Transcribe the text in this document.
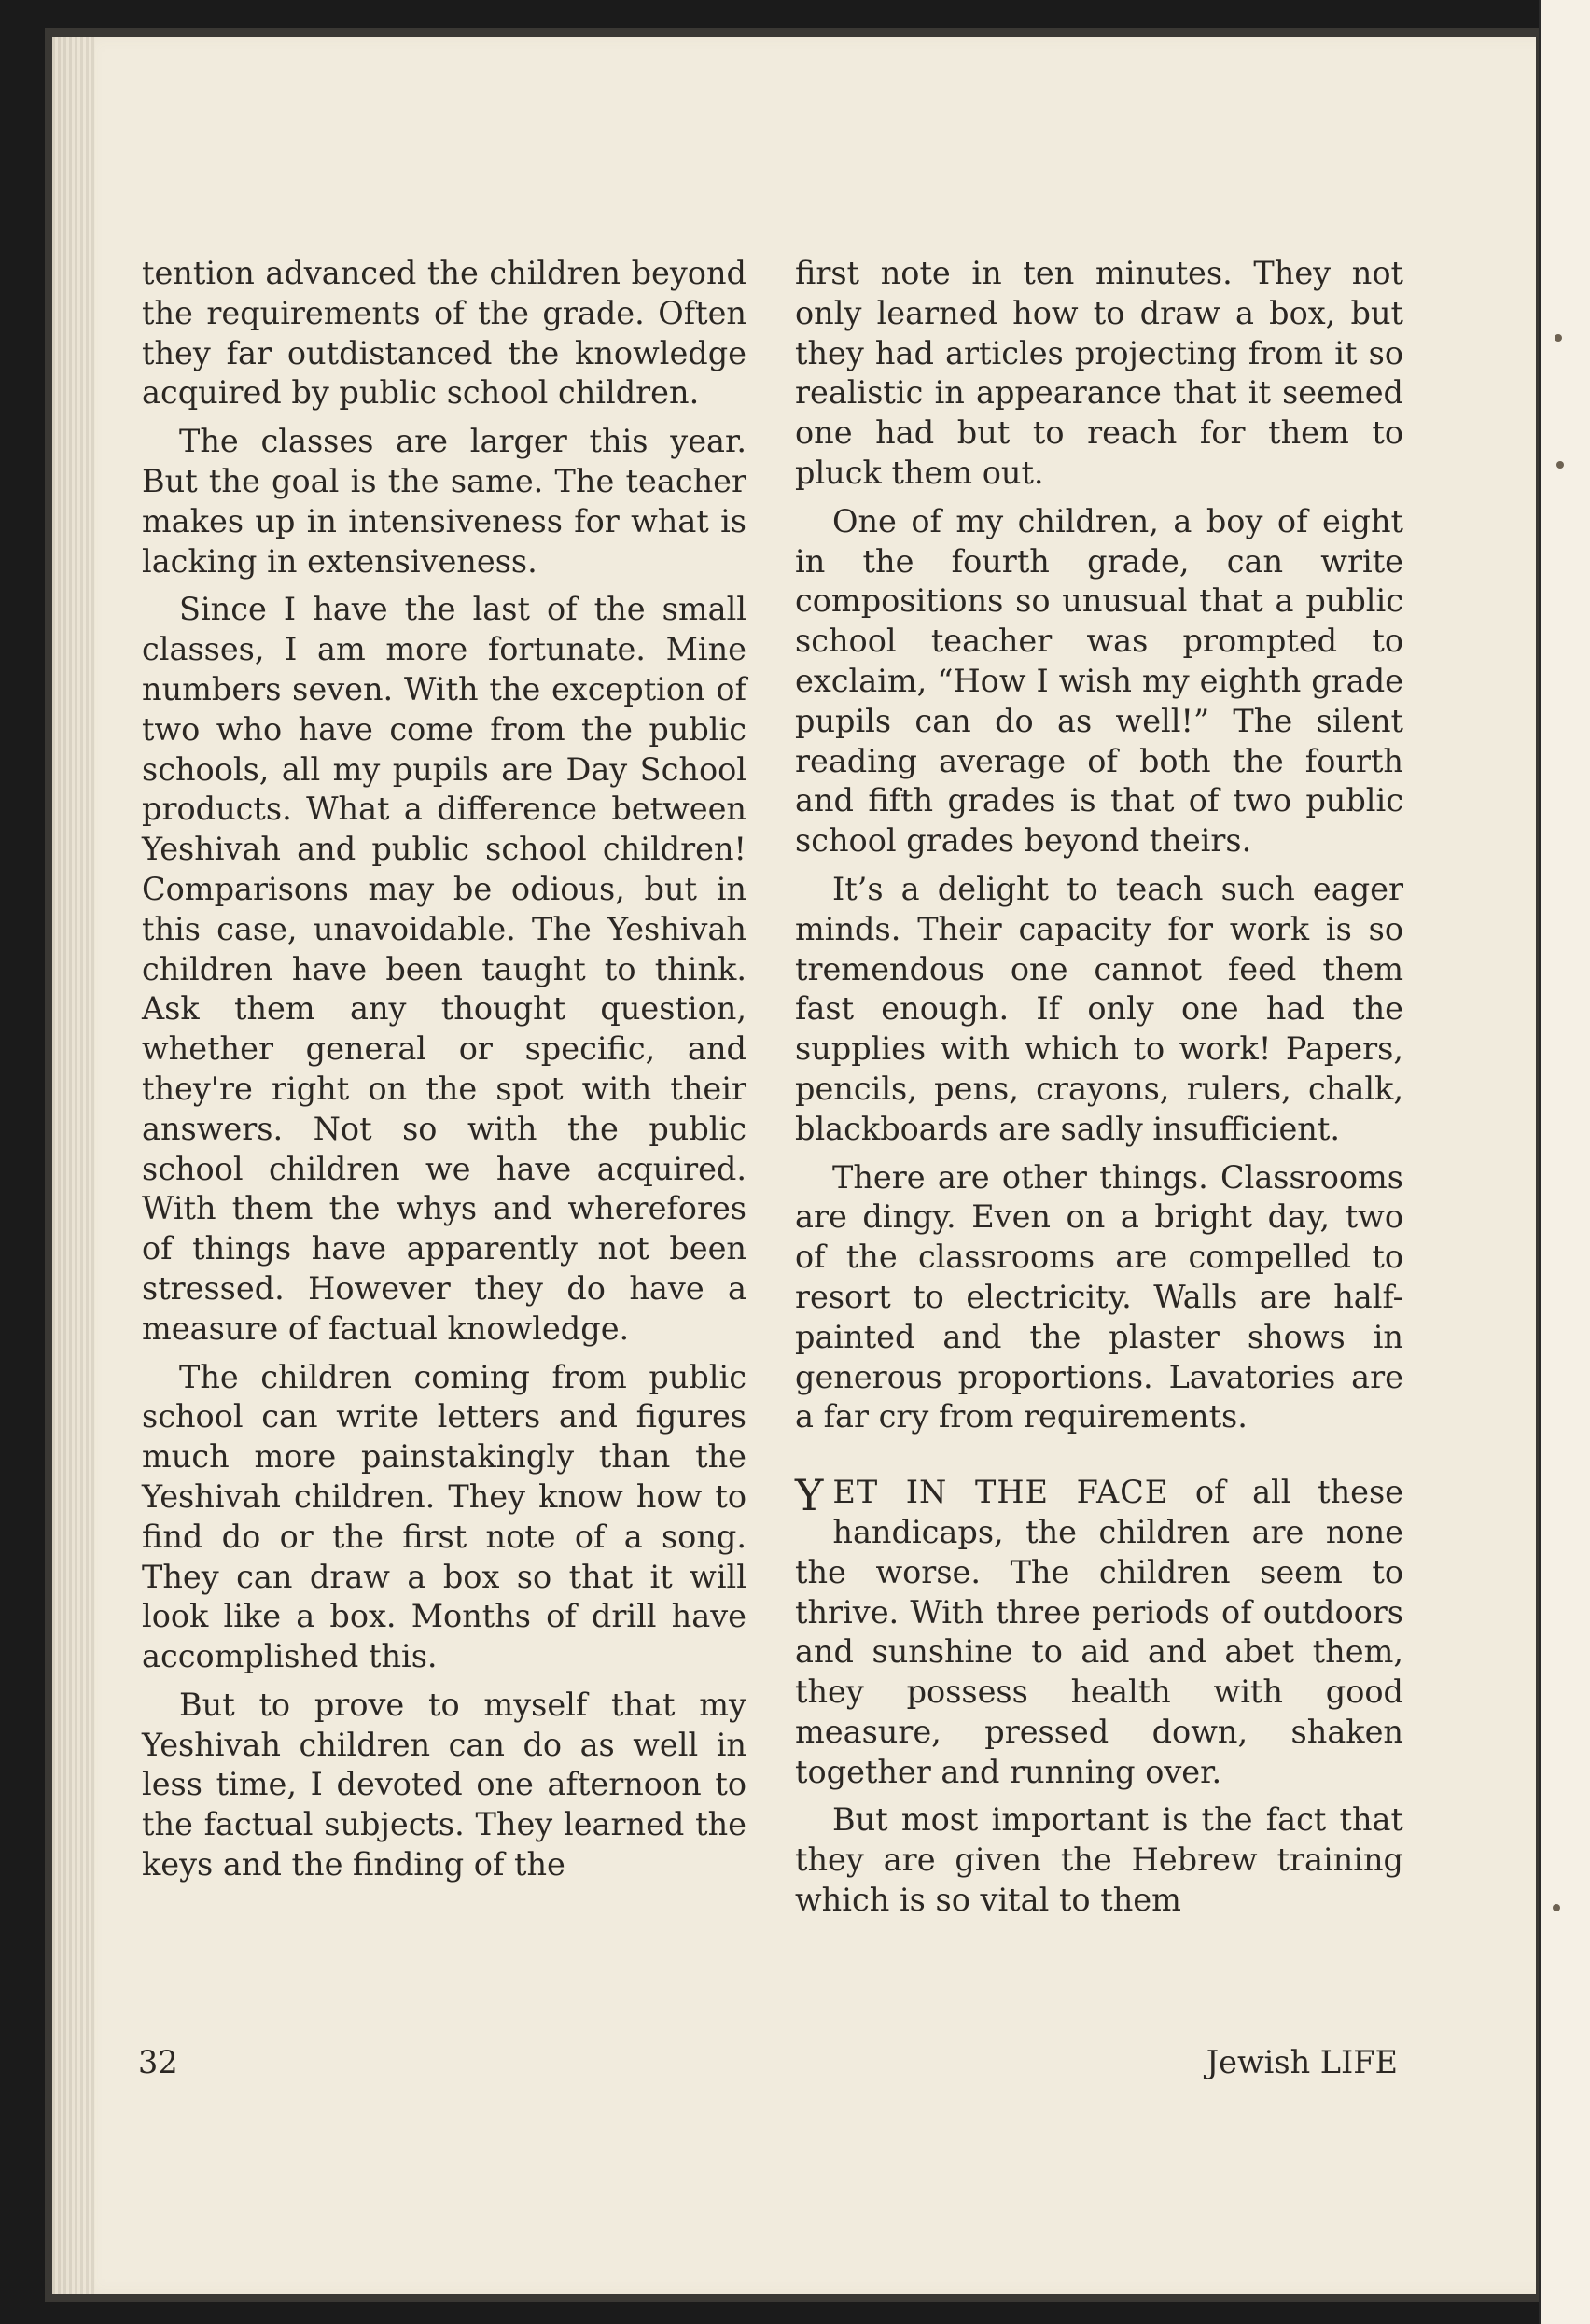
tention advanced the children beyond the requirements of the grade. Often they far outdistanced the knowledge acquired by public school children.

The classes are larger this year. But the goal is the same. The teacher makes up in intensiveness for what is lacking in extensiveness.

Since I have the last of the small classes, I am more fortunate. Mine numbers seven. With the exception of two who have come from the public schools, all my pupils are Day School products. What a difference between Yeshivah and public school children! Comparisons may be odious, but in this case, unavoidable. The Yeshivah children have been taught to think. Ask them any thought question, whether general or specific, and they're right on the spot with their answers. Not so with the public school children we have acquired. With them the whys and wherefores of things have apparently not been stressed. However they do have a measure of factual knowledge.

The children coming from public school can write letters and figures much more painstakingly than the Yeshivah children. They know how to find do or the first note of a song. They can draw a box so that it will look like a box. Months of drill have accomplished this.

But to prove to myself that my Yeshivah children can do as well in less time, I devoted one afternoon to the factual subjects. They learned the keys and the finding of the

first note in ten minutes. They not only learned how to draw a box, but they had articles projecting from it so realistic in appearance that it seemed one had but to reach for them to pluck them out.

One of my children, a boy of eight in the fourth grade, can write compositions so unusual that a public school teacher was prompted to exclaim, “How I wish my eighth grade pupils can do as well!” The silent reading average of both the fourth and fifth grades is that of two public school grades beyond theirs.

It’s a delight to teach such eager minds. Their capacity for work is so tremendous one cannot feed them fast enough. If only one had the supplies with which to work! Papers, pencils, pens, crayons, rulers, chalk, blackboards are sadly insufficient.

There are other things. Classrooms are dingy. Even on a bright day, two of the classrooms are compelled to resort to electricity. Walls are half-painted and the plaster shows in generous proportions. Lavatories are a far cry from requirements.

Y ET IN THE FACE of all these handicaps, the children are none the worse. The children seem to thrive. With three periods of outdoors and sunshine to aid and abet them, they possess health with good measure, pressed down, shaken together and running over.

But most important is the fact that they are given the Hebrew training which is so vital to them

32	Jewish LIFE
